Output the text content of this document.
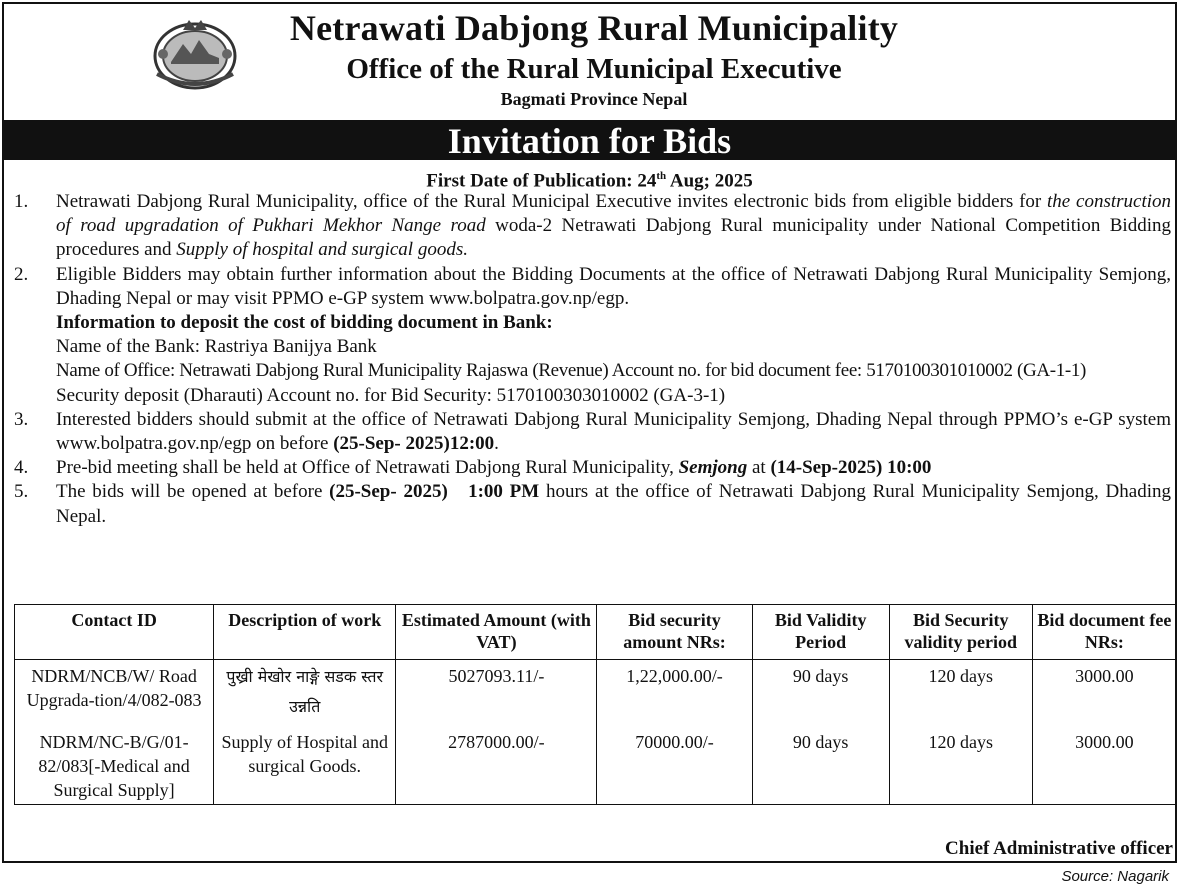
Netrawati Dabjong Rural Municipality
Office of the Rural Municipal Executive
Bagmati Province Nepal
Invitation for Bids
First Date of Publication: 24th Aug; 2025
1. Netrawati Dabjong Rural Municipality, office of the Rural Municipal Executive invites electronic bids from eligible bidders for the construction of road upgradation of Pukhari Mekhor Nange road woda-2 Netrawati Dabjong Rural municipality under National Competition Bidding procedures and Supply of hospital and surgical goods.
2. Eligible Bidders may obtain further information about the Bidding Documents at the office of Netrawati Dabjong Rural Municipality Semjong, Dhading Nepal or may visit PPMO e-GP system www.bolpatra.gov.np/egp.
Information to deposit the cost of bidding document in Bank:
Name of the Bank: Rastriya Banijya Bank
Name of Office: Netrawati Dabjong Rural Municipality Rajaswa (Revenue) Account no. for bid document fee: 5170100301010002 (GA-1-1)
Security deposit (Dharauti) Account no. for Bid Security: 5170100303010002 (GA-3-1)
3. Interested bidders should submit at the office of Netrawati Dabjong Rural Municipality Semjong, Dhading Nepal through PPMO’s e-GP system www.bolpatra.gov.np/egp on before (25-Sep- 2025)12:00.
4. Pre-bid meeting shall be held at Office of Netrawati Dabjong Rural Municipality, Semjong at (14-Sep-2025) 10:00
5. The bids will be opened at before (25-Sep- 2025)   1:00 PM hours at the office of Netrawati Dabjong Rural Municipality Semjong, Dhading Nepal.
Contact ID	Description of work	Estimated Amount (with VAT)	Bid security amount NRs:	Bid Validity Period	Bid Security validity period	Bid document fee NRs:
NDRM/NCB/W/ Road Upgrada-tion/4/082-083	पुख्री मेखोर नाङ्गे सडक स्तर उन्नति	5027093.11/-	1,22,000.00/-	90 days	120 days	3000.00
NDRM/NC-B/G/01-82/083[-Medical and Surgical Supply]	Supply of Hospital and surgical Goods.	2787000.00/-	70000.00/-	90 days	120 days	3000.00
Chief Administrative officer
Source: Nagarik
